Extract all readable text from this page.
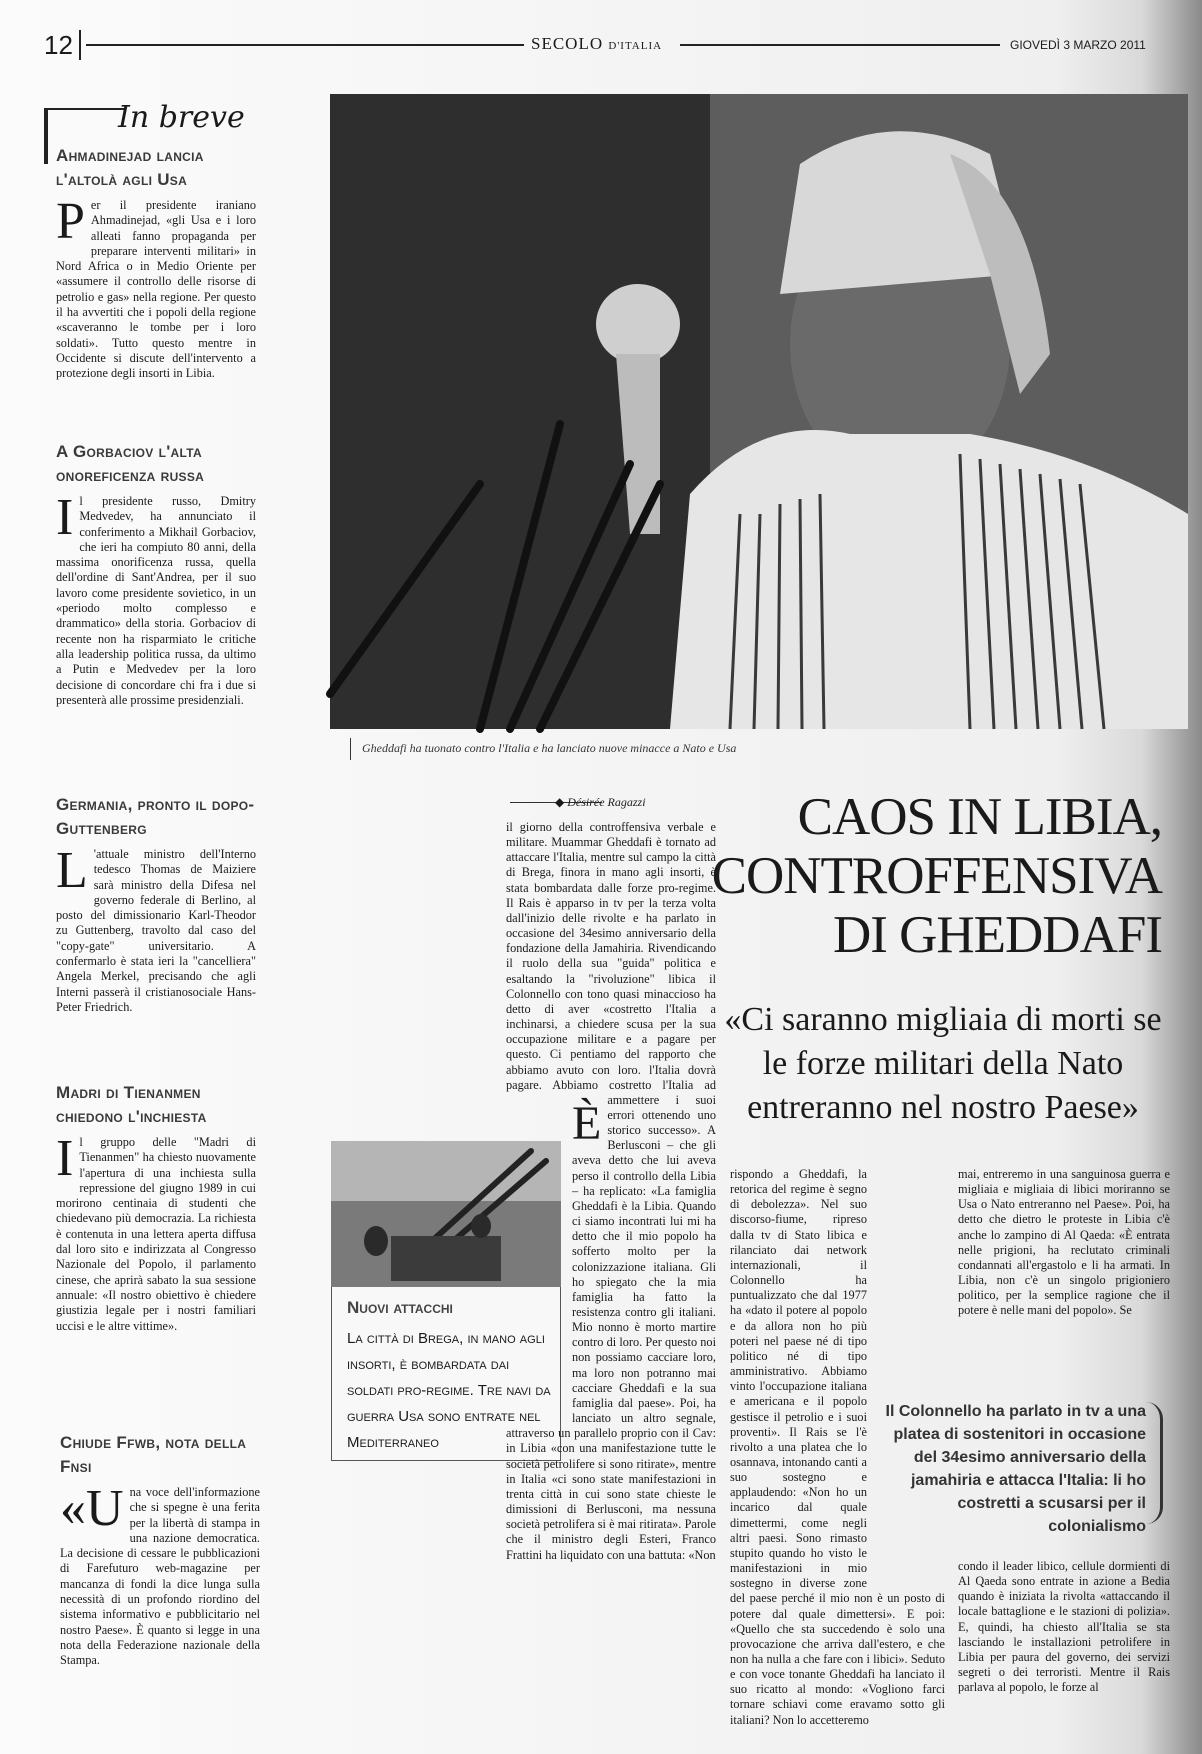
12	SECOLO D'ITALIA	GIOVEDÌ 3 MARZO 2011
In breve
Ahmadinejad lancia l'altolà agli Usa
P er il presidente iraniano Ahmadinejad, «gli Usa e i loro alleati fanno propaganda per preparare interventi militari» in Nord Africa o in Medio Oriente per «assumere il controllo delle risorse di petrolio e gas» nella regione. Per questo il ha avvertiti che i popoli della regione «scaveranno le tombe per i loro soldati». Tutto questo mentre in Occidente si discute dell'intervento a protezione degli insorti in Libia.
A Gorbaciov l'alta onoreficenza russa
I l presidente russo, Dmitry Medvedev, ha annunciato il conferimento a Mikhail Gorbaciov, che ieri ha compiuto 80 anni, della massima onorificenza russa, quella dell'ordine di Sant'Andrea, per il suo lavoro come presidente sovietico, in un «periodo molto complesso e drammatico» della storia. Gorbaciov di recente non ha risparmiato le critiche alla leadership politica russa, da ultimo a Putin e Medvedev per la loro decisione di concordare chi fra i due si presenterà alle prossime presidenziali.
Germania, pronto il dopo-Guttenberg
L 'attuale ministro dell'Interno tedesco Thomas de Maiziere sarà ministro della Difesa nel governo federale di Berlino, al posto del dimissionario Karl-Theodor zu Guttenberg, travolto dal caso del "copy-gate" universitario. A confermarlo è stata ieri la "cancelliera" Angela Merkel, precisando che agli Interni passerà il cristianosociale Hans-Peter Friedrich.
Madri di Tienanmen chiedono l'inchiesta
I l gruppo delle "Madri di Tienanmen" ha chiesto nuovamente l'apertura di una inchiesta sulla repressione del giugno 1989 in cui morirono centinaia di studenti che chiedevano più democrazia. La richiesta è contenuta in una lettera aperta diffusa dal loro sito e indirizzata al Congresso Nazionale del Popolo, il parlamento cinese, che aprirà sabato la sua sessione annuale: «Il nostro obiettivo è chiedere giustizia legale per i nostri familiari uccisi e le altre vittime».
Chiude Ffwb, nota della Fnsi
«U na voce dell'informazione che si spegne è una ferita per la libertà di stampa in una nazione democratica. La decisione di cessare le pubblicazioni di Farefuturo web-magazine per mancanza di fondi la dice lunga sulla necessità di un profondo riordino del sistema informativo e pubblicitario nel nostro Paese». È quanto si legge in una nota della Federazione nazionale della Stampa.
Gheddafi ha tuonato contro l'Italia e ha lanciato nuove minacce a Nato e Usa
Nuovi attacchi
La città di Brega, in mano agli insorti, è bombardata dai soldati pro-regime. Tre navi da guerra Usa sono entrate nel Mediterraneo
◆ Désirée Ragazzi	CAOS IN LIBIA,
CONTROFFENSIVA
DI GHEDDAFI
«Ci saranno migliaia di morti se le forze militari della Nato entreranno nel nostro Paese»
È
il giorno della controffensiva verbale e militare. Muammar Gheddafi è tornato ad attaccare l'Italia, mentre sul campo la città di Brega, finora in mano agli insorti, è stata bombardata dalle forze pro-regime. Il Rais è apparso in tv per la terza volta dall'inizio delle rivolte e ha parlato in occasione del 34esimo anniversario della fondazione della Jamahiria. Rivendicando il ruolo della sua "guida" politica e esaltando la "rivoluzione" libica il Colonnello con tono quasi minaccioso ha detto di aver «costretto l'Italia a inchinarsi, a chiedere scusa per la sua occupazione militare e a pagare per questo. Ci pentiamo del rapporto che abbiamo avuto con loro. l'Italia dovrà pagare. Abbiamo costretto l'Italia ad ammettere i suoi errori ottenendo uno storico successo». A Berlusconi – che gli aveva detto che lui aveva perso il controllo della Libia – ha replicato: «La famiglia Gheddafi è la Libia. Quando ci siamo incontrati lui mi ha detto che il mio popolo ha sofferto molto per la colonizzazione italiana. Gli ho spiegato che la mia famiglia ha fatto la resistenza contro gli italiani. Mio nonno è morto martire contro di loro. Per questo noi non possiamo cacciare loro, ma loro non potranno mai cacciare Gheddafi e la sua famiglia dal paese». Poi, ha lanciato un altro segnale, attraverso un parallelo proprio con il Cav: in Libia «con una manifestazione tutte le società petrolifere si sono ritirate», mentre in Italia «ci sono state manifestazioni in trenta città in cui sono state chieste le dimissioni di Berlusconi, ma nessuna società petrolifera si è mai ritirata». Parole che il ministro degli Esteri, Franco Frattini ha liquidato con una battuta: «Non
rispondo a Gheddafi, la retorica del regime è segno di debolezza». Nel suo discorso-fiume, ripreso dalla tv di Stato libica e rilanciato dai network internazionali, il Colonnello ha puntualizzato che dal 1977 ha «dato il potere al popolo e da allora non ho più poteri nel paese né di tipo politico né di tipo amministrativo. Abbiamo vinto l'occupazione italiana e americana e il popolo gestisce il petrolio e i suoi proventi». Il Rais se l'è rivolto a una platea che lo osannava, intonando canti a suo sostegno e applaudendo: «Non ho un incarico dal quale dimettermi, come negli altri paesi. Sono rimasto stupito quando ho visto le manifestazioni in mio sostegno in diverse zone del paese perché il mio non è un posto di potere dal quale dimettersi». E poi: «Quello che sta succedendo è solo una provocazione che arriva dall'estero, e che non ha nulla a che fare con i libici». Seduto e con voce tonante Gheddafi ha lanciato il suo ricatto al mondo: «Vogliono farci tornare schiavi come eravamo sotto gli italiani? Non lo accetteremo
mai, entreremo in una sanguinosa guerra e migliaia e migliaia di libici moriranno se Usa o Nato entreranno nel Paese». Poi, ha detto che dietro le proteste in Libia c'è anche lo zampino di Al Qaeda: «È entrata nelle prigioni, ha reclutato criminali condannati all'ergastolo e li ha armati. In Libia, non c'è un singolo prigioniero politico, per la semplice ragione che il potere è nelle mani del popolo». Se
condo il leader libico, cellule dormienti di Al Qaeda sono entrate in azione a Bedia quando è iniziata la rivolta «attaccando il locale battaglione e le stazioni di polizia». E, quindi, ha chiesto all'Italia se sta lasciando le installazioni petrolifere in Libia per paura del governo, dei servizi segreti o dei terroristi. Mentre il Rais parlava al popolo, le forze al
Il Colonnello ha parlato in tv a una platea di sostenitori in occasione del 34esimo anniversario della jamahiria e attacca l'Italia: li ho costretti a scusarsi per il colonialismo
